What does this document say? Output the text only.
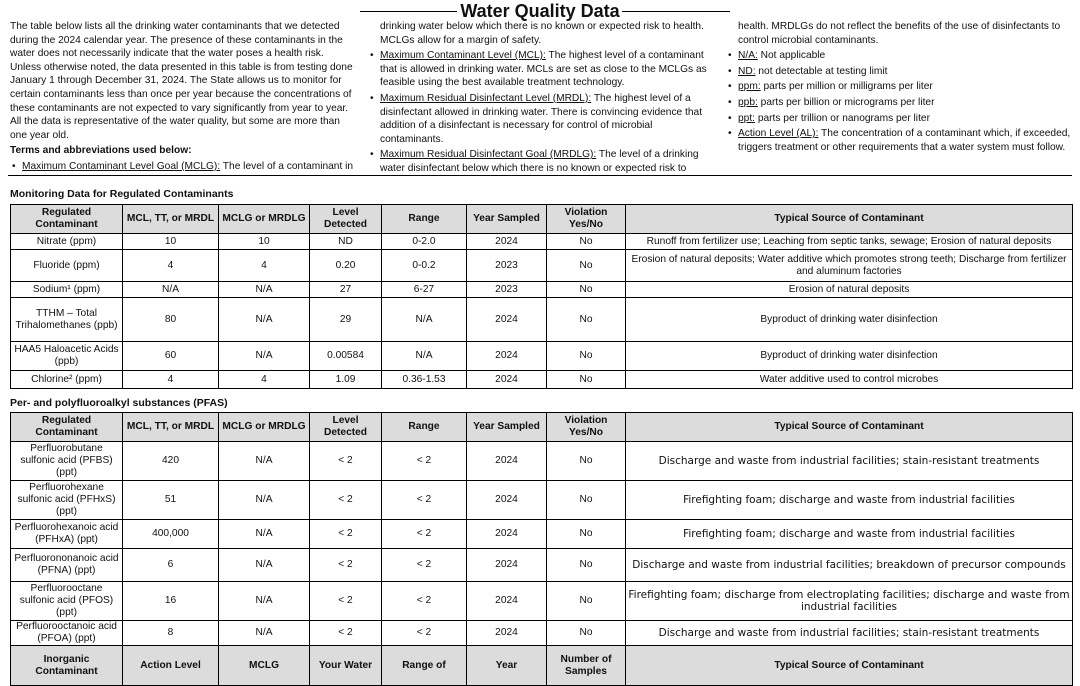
Water Quality Data

The table below lists all the drinking water contaminants that we detected during the 2024 calendar year. The presence of these contaminants in the water does not necessarily indicate that the water poses a health risk. Unless otherwise noted, the data presented in this table is from testing done January 1 through December 31, 2024. The State allows us to monitor for certain contaminants less than once per year because the concentrations of these contaminants are not expected to vary significantly from year to year. All the data is representative of the water quality, but some are more than one year old.

Terms and abbreviations used below:

• Maximum Contaminant Level Goal (MCLG): The level of a contaminant in

drinking water below which there is no known or expected risk to health. MCLGs allow for a margin of safety.

• Maximum Contaminant Level (MCL): The highest level of a contaminant that is allowed in drinking water. MCLs are set as close to the MCLGs as feasible using the best available treatment technology.
• Maximum Residual Disinfectant Level (MRDL): The highest level of a disinfectant allowed in drinking water. There is convincing evidence that addition of a disinfectant is necessary for control of microbial contaminants.
• Maximum Residual Disinfectant Goal (MRDLG): The level of a drinking water disinfectant below which there is no known or expected risk to

health. MRDLGs do not reflect the benefits of the use of disinfectants to control microbial contaminants.

• N/A: Not applicable
• ND: not detectable at testing limit
• ppm: parts per million or milligrams per liter
• ppb: parts per billion or micrograms per liter
• ppt: parts per trillion or nanograms per liter
• Action Level (AL): The concentration of a contaminant which, if exceeded, triggers treatment or other requirements that a water system must follow.
Monitoring Data for Regulated Contaminants
Regulated Contaminant	MCL, TT, or MRDL	MCLG or MRDLG	Level Detected	Range	Year Sampled	Violation Yes/No	Typical Source of Contaminant
Nitrate (ppm)	10	10	ND	0-2.0	2024	No	Runoff from fertilizer use; Leaching from septic tanks, sewage; Erosion of natural deposits
Fluoride (ppm)	4	4	0.20	0-0.2	2023	No	Erosion of natural deposits; Water additive which promotes strong teeth; Discharge from fertilizer and aluminum factories
Sodium¹ (ppm)	N/A	N/A	27	6-27	2023	No	Erosion of natural deposits
TTHM – Total Trihalomethanes (ppb)	80	N/A	29	N/A	2024	No	Byproduct of drinking water disinfection
HAA5 Haloacetic Acids (ppb)	60	N/A	0.00584	N/A	2024	No	Byproduct of drinking water disinfection
Chlorine² (ppm)	4	4	1.09	0.36-1.53	2024	No	Water additive used to control microbes
Per- and polyfluoroalkyl substances (PFAS)
Regulated Contaminant	MCL, TT, or MRDL	MCLG or MRDLG	Level Detected	Range	Year Sampled	Violation Yes/No	Typical Source of Contaminant
Perfluorobutane sulfonic acid (PFBS) (ppt)	420	N/A	< 2	< 2	2024	No	Discharge and waste from industrial facilities; stain-resistant treatments
Perfluorohexane sulfonic acid (PFHxS) (ppt)	51	N/A	< 2	< 2	2024	No	Firefighting foam; discharge and waste from industrial facilities
Perfluorohexanoic acid (PFHxA) (ppt)	400,000	N/A	< 2	< 2	2024	No	Firefighting foam; discharge and waste from industrial facilities
Perfluorononanoic acid (PFNA) (ppt)	6	N/A	< 2	< 2	2024	No	Discharge and waste from industrial facilities; breakdown of precursor compounds
Perfluorooctane sulfonic acid (PFOS) (ppt)	16	N/A	< 2	< 2	2024	No	Firefighting foam; discharge from electroplating facilities; discharge and waste from industrial facilities
Perfluorooctanoic acid (PFOA) (ppt)	8	N/A	< 2	< 2	2024	No	Discharge and waste from industrial facilities; stain-resistant treatments
Inorganic Contaminant	Action Level	MCLG	Your Water	Range of	Year	Number of Samples	Typical Source of Contaminant
